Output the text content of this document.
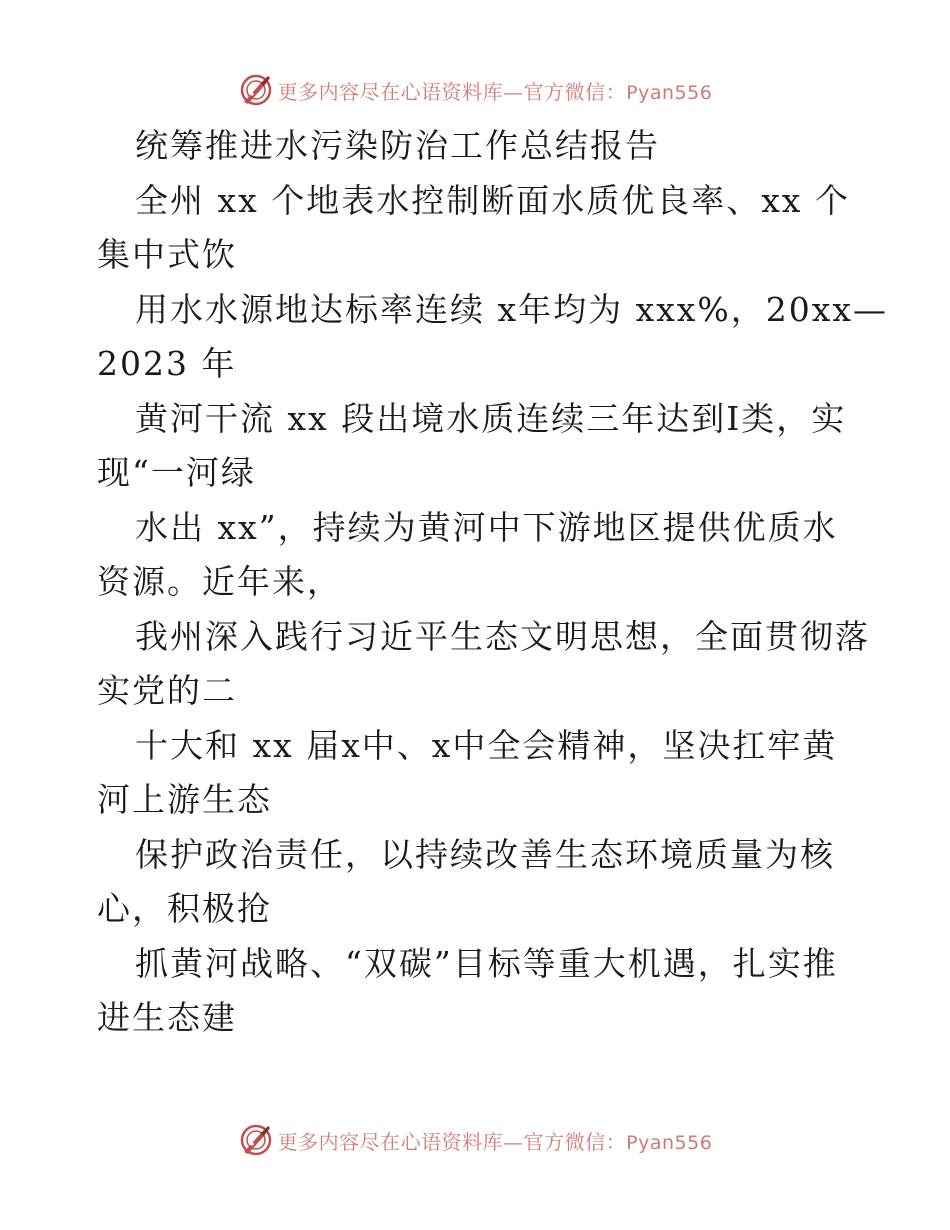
更多内容尽在心语资料库—官方微信：Pyan556
统筹推进水污染防治工作总结报告
全州 xx 个地表水控制断面水质优良率、xx 个
集中式饮
用水水源地达标率连续 x年均为 xxx%，20xx—
2023 年
黄河干流 xx 段出境水质连续三年达到Ⅰ类，实
现“一河绿
水出 xx”，持续为黄河中下游地区提供优质水
资源。近年来，
我州深入践行习近平生态文明思想，全面贯彻落
实党的二
十大和 xx 届x中、x中全会精神，坚决扛牢黄
河上游生态
保护政治责任，以持续改善生态环境质量为核
心，积极抢
抓黄河战略、“双碳”目标等重大机遇，扎实推
进生态建
更多内容尽在心语资料库—官方微信：Pyan556
